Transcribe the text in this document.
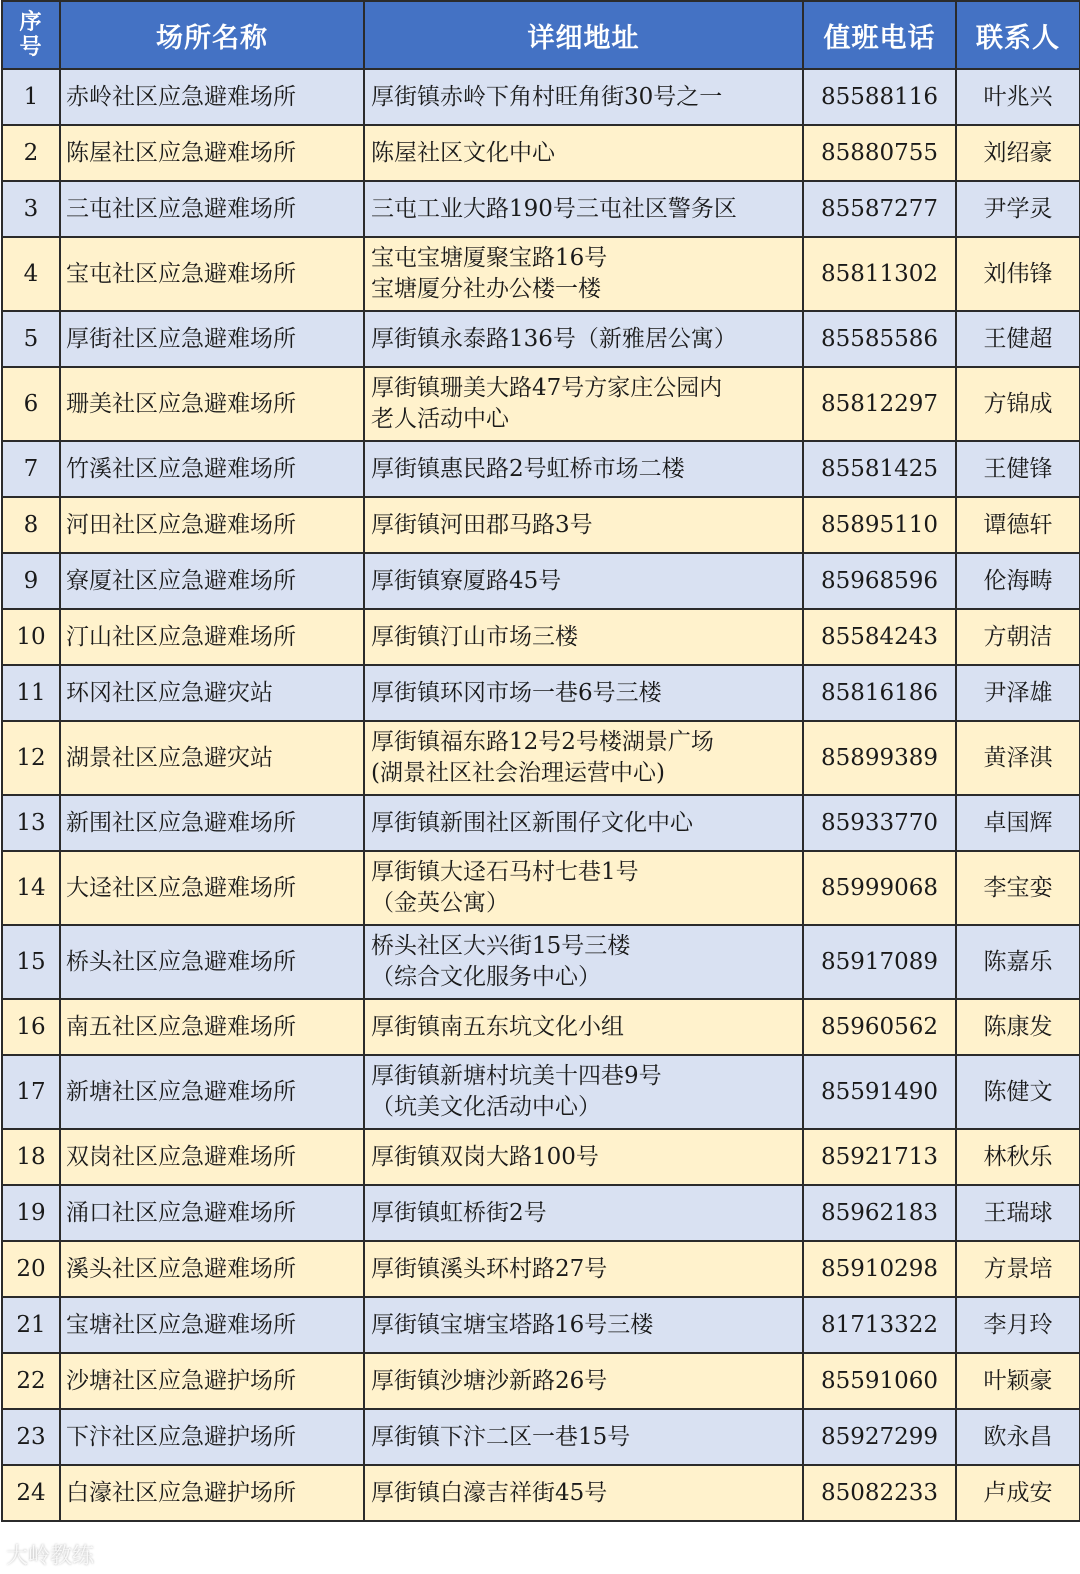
序
号	场所名称	详细地址	值班电话	联系人
1	赤岭社区应急避难场所	厚街镇赤岭下角村旺角街30号之一	85588116	叶兆兴
2	陈屋社区应急避难场所	陈屋社区文化中心	85880755	刘绍豪
3	三屯社区应急避难场所	三屯工业大路190号三屯社区警务区	85587277	尹学灵
4	宝屯社区应急避难场所	宝屯宝塘厦聚宝路16号
宝塘厦分社办公楼一楼	85811302	刘伟锋
5	厚街社区应急避难场所	厚街镇永泰路136号（新雅居公寓）	85585586	王健超
6	珊美社区应急避难场所	厚街镇珊美大路47号方家庄公园内
老人活动中心	85812297	方锦成
7	竹溪社区应急避难场所	厚街镇惠民路2号虹桥市场二楼	85581425	王健锋
8	河田社区应急避难场所	厚街镇河田郡马路3号	85895110	谭德轩
9	寮厦社区应急避难场所	厚街镇寮厦路45号	85968596	伦海畴
10	汀山社区应急避难场所	厚街镇汀山市场三楼	85584243	方朝洁
11	环冈社区应急避灾站	厚街镇环冈市场一巷6号三楼	85816186	尹泽雄
12	湖景社区应急避灾站	厚街镇福东路12号2号楼湖景广场
(湖景社区社会治理运营中心)	85899389	黄泽淇
13	新围社区应急避难场所	厚街镇新围社区新围仔文化中心	85933770	卓国辉
14	大迳社区应急避难场所	厚街镇大迳石马村七巷1号
（金英公寓）	85999068	李宝娈
15	桥头社区应急避难场所	桥头社区大兴街15号三楼
（综合文化服务中心）	85917089	陈嘉乐
16	南五社区应急避难场所	厚街镇南五东坑文化小组	85960562	陈康发
17	新塘社区应急避难场所	厚街镇新塘村坑美十四巷9号
（坑美文化活动中心）	85591490	陈健文
18	双岗社区应急避难场所	厚街镇双岗大路100号	85921713	林秋乐
19	涌口社区应急避难场所	厚街镇虹桥街2号	85962183	王瑞球
20	溪头社区应急避难场所	厚街镇溪头环村路27号	85910298	方景培
21	宝塘社区应急避难场所	厚街镇宝塘宝塔路16号三楼	81713322	李月玲
22	沙塘社区应急避护场所	厚街镇沙塘沙新路26号	85591060	叶颖豪
23	下汴社区应急避护场所	厚街镇下汴二区一巷15号	85927299	欧永昌
24	白濠社区应急避护场所	厚街镇白濠吉祥街45号	85082233	卢成安
大岭教练
